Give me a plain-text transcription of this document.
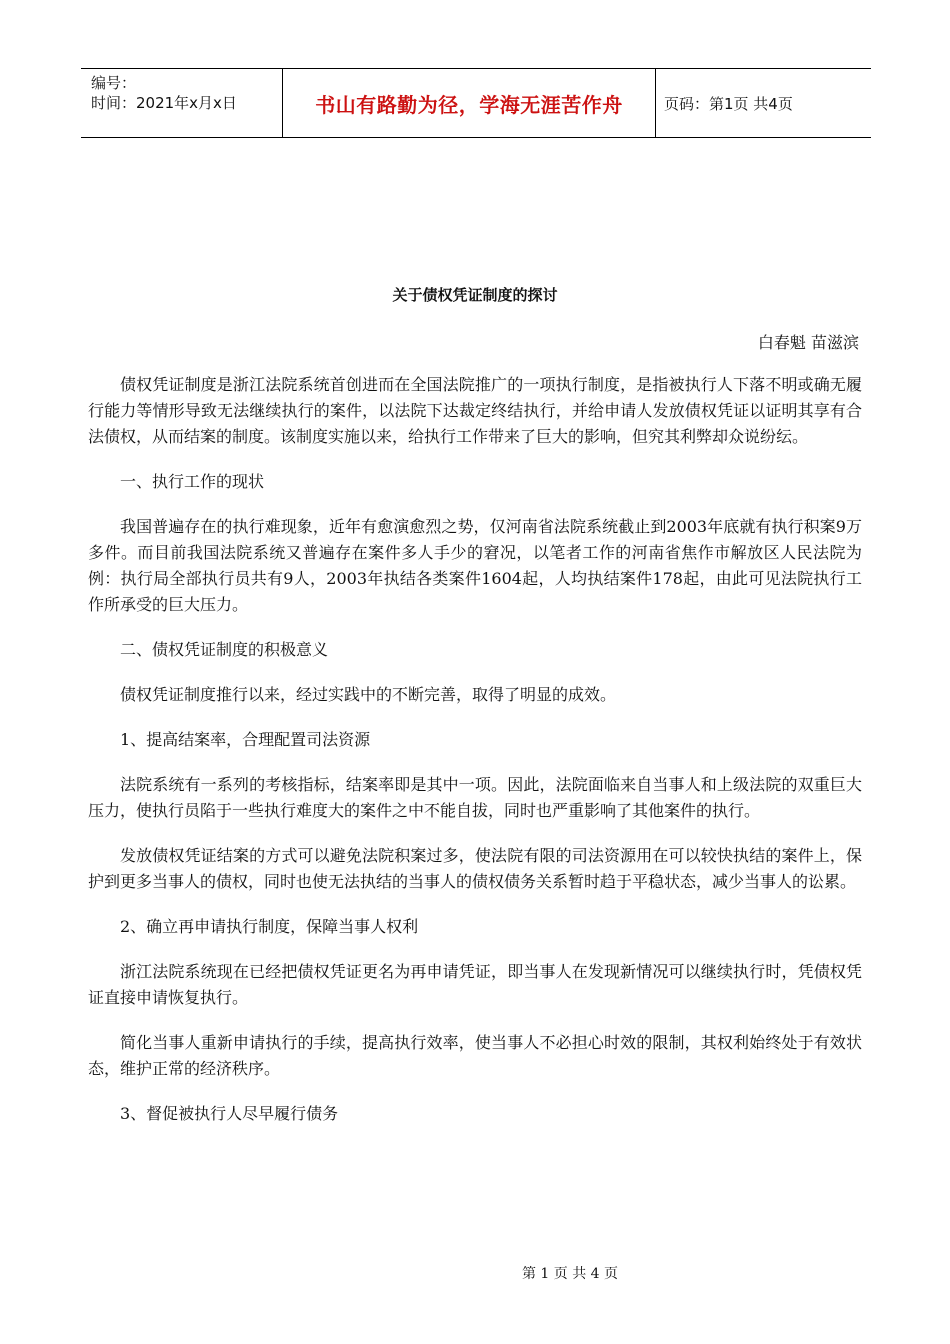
编号：
时间：2021年x月x日	书山有路勤为径，学海无涯苦作舟	页码：第1页 共4页
关于债权凭证制度的探讨
白春魁 苗滋滨

债权凭证制度是浙江法院系统首创进而在全国法院推广的一项执行制度，是指被执行人下落不明或确无履行能力等情形导致无法继续执行的案件，以法院下达裁定终结执行，并给申请人发放债权凭证以证明其享有合法债权，从而结案的制度。该制度实施以来，给执行工作带来了巨大的影响，但究其利弊却众说纷纭。

一、执行工作的现状

我国普遍存在的执行难现象，近年有愈演愈烈之势，仅河南省法院系统截止到2003年底就有执行积案9万多件。而目前我国法院系统又普遍存在案件多人手少的窘况，以笔者工作的河南省焦作市解放区人民法院为例：执行局全部执行员共有9人，2003年执结各类案件1604起，人均执结案件178起，由此可见法院执行工作所承受的巨大压力。

二、债权凭证制度的积极意义

债权凭证制度推行以来，经过实践中的不断完善，取得了明显的成效。

1、提高结案率，合理配置司法资源

法院系统有一系列的考核指标，结案率即是其中一项。因此，法院面临来自当事人和上级法院的双重巨大压力，使执行员陷于一些执行难度大的案件之中不能自拔，同时也严重影响了其他案件的执行。

发放债权凭证结案的方式可以避免法院积案过多，使法院有限的司法资源用在可以较快执结的案件上，保护到更多当事人的债权，同时也使无法执结的当事人的债权债务关系暂时趋于平稳状态，减少当事人的讼累。

2、确立再申请执行制度，保障当事人权利

浙江法院系统现在已经把债权凭证更名为再申请凭证，即当事人在发现新情况可以继续执行时，凭债权凭证直接申请恢复执行。

简化当事人重新申请执行的手续，提高执行效率，使当事人不必担心时效的限制，其权利始终处于有效状态，维护正常的经济秩序。

3、督促被执行人尽早履行债务

第 1 页 共 4 页
